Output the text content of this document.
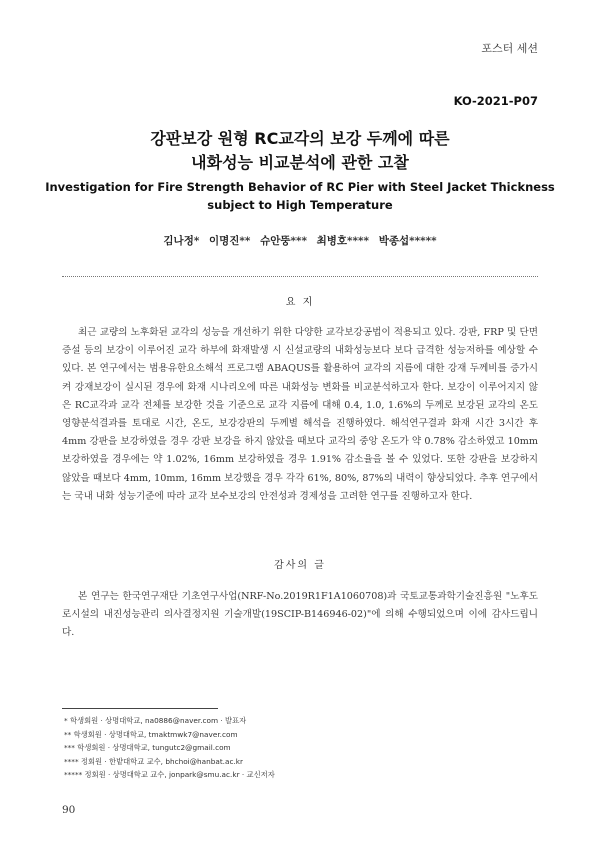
포스터 세션
KO-2021-P07
강판보강 원형 RC교각의 보강 두께에 따른
내화성능 비교분석에 관한 고찰
Investigation for Fire Strength Behavior of RC Pier with Steel Jacket Thickness
subject to High Temperature
김나정* 이명진** 슈안뚱*** 최병호**** 박종섭*****
요 지

최근 교량의 노후화된 교각의 성능을 개선하기 위한 다양한 교각보강공법이 적용되고 있다. 강판, FRP 및 단면증설 등의 보강이 이루어진 교각 하부에 화재발생 시 신설교량의 내화성능보다 보다 급격한 성능저하를 예상할 수 있다. 본 연구에서는 범용유한요소해석 프로그램 ABAQUS를 활용하여 교각의 지름에 대한 강재 두께비를 증가시켜 강재보강이 실시된 경우에 화재 시나리오에 따른 내화성능 변화를 비교분석하고자 한다. 보강이 이루어지지 않은 RC교각과 교각 전체를 보강한 것을 기준으로 교각 지름에 대해 0.4, 1.0, 1.6%의 두께로 보강된 교각의 온도 영향분석결과를 토대로 시간, 온도, 보강강판의 두께별 해석을 진행하였다. 해석연구결과 화재 시간 3시간 후 4mm 강판을 보강하였을 경우 강판 보강을 하지 않았을 때보다 교각의 중앙 온도가 약 0.78% 감소하였고 10mm 보강하였을 경우에는 약 1.02%, 16mm 보강하였을 경우 1.91% 감소율을 볼 수 있었다. 또한 강판을 보강하지 않았을 때보다 4mm, 10mm, 16mm 보강했을 경우 각각 61%, 80%, 87%의 내력이 향상되었다. 추후 연구에서는 국내 내화 성능기준에 따라 교각 보수보강의 안전성과 경제성을 고려한 연구를 진행하고자 한다.

감사의 글

본 연구는 한국연구재단 기초연구사업(NRF-No.2019R1F1A1060708)과 국토교통과학기술진흥원 "노후도로시설의 내진성능관리 의사결정지원 기술개발(19SCIP-B146946-02)"에 의해 수행되었으며 이에 감사드립니다.

* 학생회원 · 상명대학교, na0886@naver.com · 발표자
** 학생회원 · 상명대학교, tmaktmwk7@naver.com
*** 학생회원 · 상명대학교, tungutc2@gmail.com
**** 정회원 · 한밭대학교 교수, bhchoi@hanbat.ac.kr
***** 정회원 · 상명대학교 교수, jonpark@smu.ac.kr · 교신저자
90
